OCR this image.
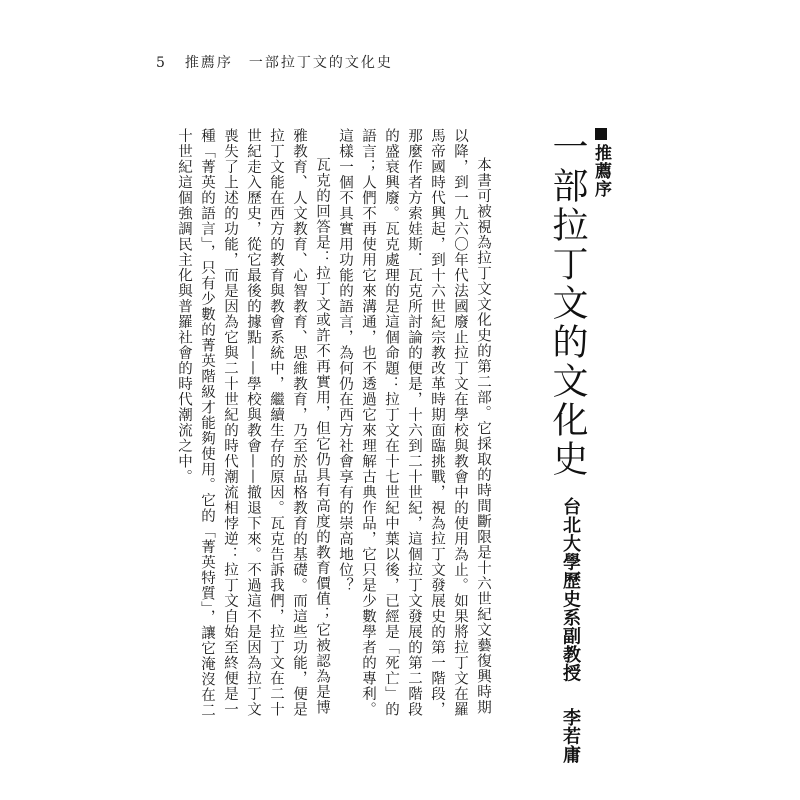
5 推薦序　一部拉丁文的文化史
推薦序
一部拉丁文的文化史
台北大學歷史系副教授李若庸

本書可被視為拉丁文文化史的第二部。它採取的時間斷限是十六世紀文藝復興時期以降，到一九六〇年代法國廢止拉丁文在學校與教會中的使用為止。如果將拉丁文在羅馬帝國時代興起，到十六世紀宗教改革時期面臨挑戰，視為拉丁文發展史的第一階段，那麼作者方索娃斯．瓦克所討論的便是，十六到二十世紀，這個拉丁文發展的第二階段的盛衰興廢。瓦克處理的是這個命題：拉丁文在十七世紀中葉以後，已經是「死亡」的語言；人們不再使用它來溝通，也不透過它來理解古典作品，它只是少數學者的專利。這樣一個不具實用功能的語言，為何仍在西方社會享有的崇高地位？

瓦克的回答是：拉丁文或許不再實用，但它仍具有高度的教育價值；它被認為是博雅教育、人文教育、心智教育、思維教育，乃至於品格教育的基礎。而這些功能，便是拉丁文能在西方的教育與教會系統中，繼續生存的原因。瓦克告訴我們，拉丁文在二十世紀走入歷史，從它最後的據點——學校與教會——撤退下來。不過這不是因為拉丁文喪失了上述的功能，而是因為它與二十世紀的時代潮流相悖逆：拉丁文自始至終便是一種「菁英的語言」，只有少數的菁英階級才能夠使用。它的「菁英特質」，讓它淹沒在二十世紀這個強調民主化與普羅社會的時代潮流之中。
